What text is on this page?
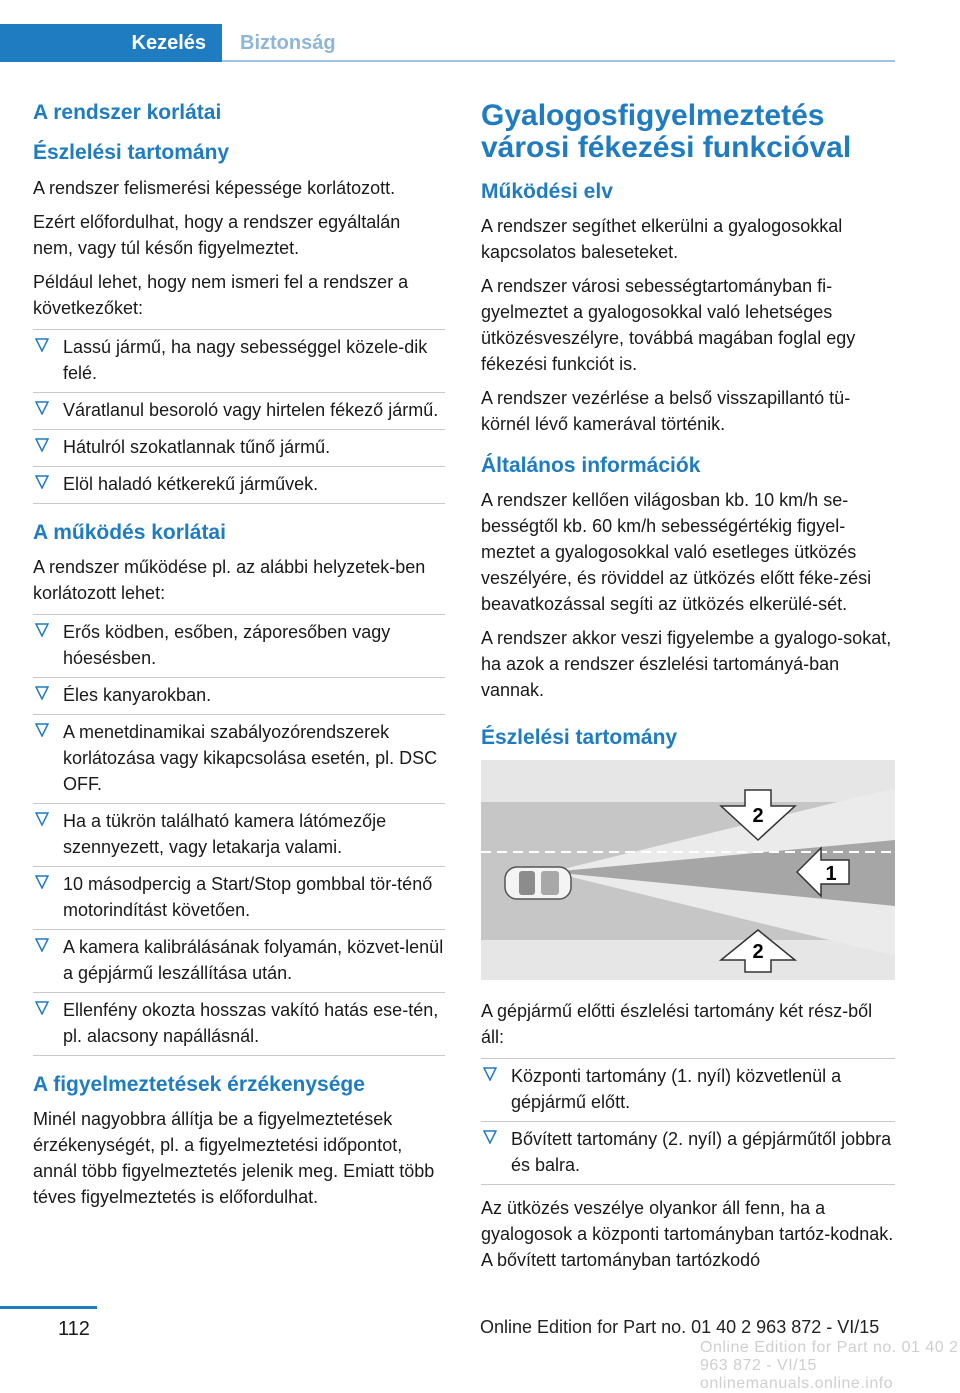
Kezelés	Biztonság
A rendszer korlátai
Észlelési tartomány

A rendszer felismerési képessége korlátozott.

Ezért előfordulhat, hogy a rendszer egyáltalán nem, vagy túl későn figyelmeztet.

Például lehet, hogy nem ismeri fel a rendszer a következőket:

Lassú jármű, ha nagy sebességgel közele-dik felé.
Váratlanul besoroló vagy hirtelen fékező jármű.
Hátulról szokatlannak tűnő jármű.
Elöl haladó kétkerekű járművek.
A működés korlátai

A rendszer működése pl. az alábbi helyzetek-ben korlátozott lehet:

Erős ködben, esőben, záporesőben vagy hóesésben.
Éles kanyarokban.
A menetdinamikai szabályozórendszerek korlátozása vagy kikapcsolása esetén, pl. DSC OFF.
Ha a tükrön található kamera látómezője szennyezett, vagy letakarja valami.
10 másodpercig a Start/Stop gombbal tör-ténő motorindítást követően.
A kamera kalibrálásának folyamán, közvet-lenül a gépjármű leszállítása után.
Ellenfény okozta hosszas vakító hatás ese-tén, pl. alacsony napállásnál.
A figyelmeztetések érzékenysége

Minél nagyobbra állítja be a figyelmeztetések érzékenységét, pl. a figyelmeztetési időpontot, annál több figyelmeztetés jelenik meg. Emiatt több téves figyelmeztetés is előfordulhat.

Gyalogosfigyelmeztetés városi fékezési funkcióval
Működési elv

A rendszer segíthet elkerülni a gyalogosokkal kapcsolatos baleseteket.

A rendszer városi sebességtartományban fi-gyelmeztet a gyalogosokkal való lehetséges ütközésveszélyre, továbbá magában foglal egy fékezési funkciót is.

A rendszer vezérlése a belső visszapillantó tü-körnél lévő kamerával történik.

Általános információk

A rendszer kellően világosban kb. 10 km/h se-bességtől kb. 60 km/h sebességértékig figyel-meztet a gyalogosokkal való esetleges ütközés veszélyére, és röviddel az ütközés előtt féke-zési beavatkozással segíti az ütközés elkerülé-sét.

A rendszer akkor veszi figyelembe a gyalogo-sokat, ha azok a rendszer észlelési tartományá-ban vannak.

Észlelési tartomány
2
1
2

A gépjármű előtti észlelési tartomány két rész-ből áll:

Központi tartomány (1. nyíl) közvetlenül a gépjármű előtt.
Bővített tartomány (2. nyíl) a gépjárműtől jobbra és balra.

Az ütközés veszélye olyankor áll fenn, ha a gyalogosok a központi tartományban tartóz-kodnak. A bővített tartományban tartózkodó

112	Online Edition for Part no. 01 40 2 963 872 - VI/15
Online Edition for Part no. 01 40 2 963 872 - VI/15 onlinemanuals.online.info
